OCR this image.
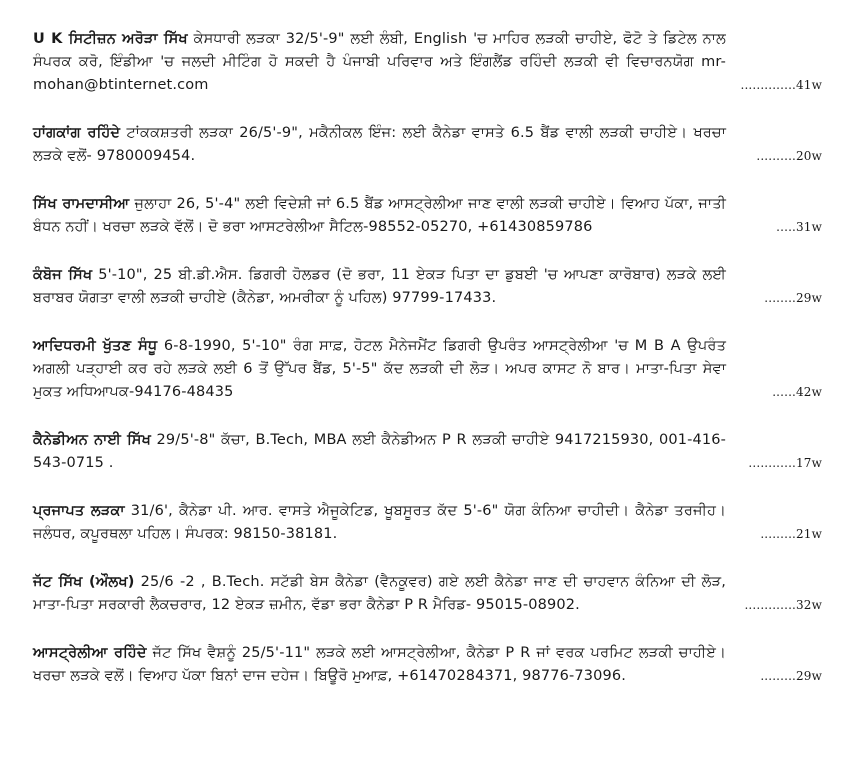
U K ਸਿਟੀਜ਼ਨ ਅਰੋੜਾ ਸਿੱਖ ਕੇਸਧਾਰੀ ਲੜਕਾ 32/5'-9" ਲਈ ਲੰਬੀ, English 'ਚ ਮਾਹਿਰ ਲੜਕੀ ਚਾਹੀਏ, ਫੋਟੋ ਤੇ ਡਿਟੇਲ ਨਾਲ ਸੰਪਰਕ ਕਰੋ, ਇੰਡੀਆ 'ਚ ਜਲਦੀ ਮੀਟਿੰਗ ਹੋ ਸਕਦੀ ਹੈ ਪੰਜਾਬੀ ਪਰਿਵਾਰ ਅਤੇ ਇੰਗਲੈਂਡ ਰਹਿੰਦੀ ਲੜਕੀ ਵੀ ਵਿਚਾਰਨਯੋਗ mr-mohan@btinternet.com	..............41w
ਹਾਂਗਕਾਂਗ ਰਹਿੰਦੇ ਟਾਂਕਕਸ਼ਤਰੀ ਲੜਕਾ 26/5'-9", ਮਕੈਨੀਕਲ ਇੰਜ: ਲਈ ਕੈਨੇਡਾ ਵਾਸਤੇ 6.5 ਬੈਂਡ ਵਾਲੀ ਲੜਕੀ ਚਾਹੀਏ। ਖਰਚਾ ਲੜਕੇ ਵਲੋਂ- 9780009454.	..........20w
ਸਿੱਖ ਰਾਮਦਾਸੀਆ ਜੁਲਾਹਾ 26, 5'-4" ਲਈ ਵਿਦੇਸ਼ੀ ਜਾਂ 6.5 ਬੈਂਡ ਆਸਟ੍ਰੇਲੀਆ ਜਾਣ ਵਾਲੀ ਲੜਕੀ ਚਾਹੀਏ। ਵਿਆਹ ਪੱਕਾ, ਜਾਤੀ ਬੰਧਨ ਨਹੀਂ। ਖਰਚਾ ਲੜਕੇ ਵੱਲੋਂ। ਦੋ ਭਰਾ ਆਸਟਰੇਲੀਆ ਸੈਟਿਲ-98552-05270, +61430859786	.....31w
ਕੰਬੋਜ ਸਿੱਖ 5'-10", 25 ਬੀ.ਡੀ.ਐਸ. ਡਿਗਰੀ ਹੋਲਡਰ (ਦੋ ਭਰਾ, 11 ਏਕੜ ਪਿਤਾ ਦਾ ਡੁਬਈ 'ਚ ਆਪਣਾ ਕਾਰੋਬਾਰ) ਲੜਕੇ ਲਈ ਬਰਾਬਰ ਯੋਗਤਾ ਵਾਲੀ ਲੜਕੀ ਚਾਹੀਏ (ਕੈਨੇਡਾ, ਅਮਰੀਕਾ ਨੂੰ ਪਹਿਲ) 97799-17433.	........29w
ਆਦਿਧਰਮੀ ਖੁੱਤਣ ਸੰਧੂ 6-8-1990, 5'-10" ਰੰਗ ਸਾਫ਼, ਹੋਟਲ ਮੈਨੇਜਮੈਂਟ ਡਿਗਰੀ ਉਪਰੰਤ ਆਸਟ੍ਰੇਲੀਆ 'ਚ M B A ਉਪਰੰਤ ਅਗਲੀ ਪੜ੍ਹਾਈ ਕਰ ਰਹੇ ਲੜਕੇ ਲਈ 6 ਤੋਂ ਉੱਪਰ ਬੈਂਡ, 5'-5" ਕੱਦ ਲੜਕੀ ਦੀ ਲੋੜ। ਅਪਰ ਕਾਸਟ ਨੋ ਬਾਰ। ਮਾਤਾ-ਪਿਤਾ ਸੇਵਾ ਮੁਕਤ ਅਧਿਆਪਕ-94176-48435	......42w
ਕੈਨੇਡੀਅਨ ਨਾਈ ਸਿੱਖ 29/5'-8" ਕੱਚਾ, B.Tech, MBA ਲਈ ਕੈਨੇਡੀਅਨ P R ਲੜਕੀ ਚਾਹੀਏ 9417215930, 001-416-543-0715 .	............17w
ਪ੍ਰਜਾਪਤ ਲੜਕਾ 31/6', ਕੈਨੇਡਾ ਪੀ. ਆਰ. ਵਾਸਤੇ ਐਜੂਕੇਟਿਡ, ਖੂਬਸੂਰਤ ਕੱਦ 5'-6" ਯੋਗ ਕੰਨਿਆ ਚਾਹੀਦੀ। ਕੈਨੇਡਾ ਤਰਜੀਹ। ਜਲੰਧਰ, ਕਪੂਰਥਲਾ ਪਹਿਲ। ਸੰਪਰਕ: 98150-38181.	.........21w
ਜੱਟ ਸਿੱਖ (ਔਲਖ) 25/6 -2 , B.Tech. ਸਟੱਡੀ ਬੇਸ ਕੈਨੇਡਾ (ਵੈਨਕੂਵਰ) ਗਏ ਲਈ ਕੈਨੇਡਾ ਜਾਣ ਦੀ ਚਾਹਵਾਨ ਕੰਨਿਆ ਦੀ ਲੋੜ, ਮਾਤਾ-ਪਿਤਾ ਸਰਕਾਰੀ ਲੈਕਚਰਾਰ, 12 ਏਕੜ ਜ਼ਮੀਨ, ਵੱਡਾ ਭਰਾ ਕੈਨੇਡਾ P R ਮੈਰਿਡ- 95015-08902.	.............32w
ਆਸਟ੍ਰੇਲੀਆ ਰਹਿੰਦੇ ਜੱਟ ਸਿੱਖ ਵੈਸ਼ਨੂੰ 25/5'-11" ਲੜਕੇ ਲਈ ਆਸਟ੍ਰੇਲੀਆ, ਕੈਨੇਡਾ P R ਜਾਂ ਵਰਕ ਪਰਮਿਟ ਲੜਕੀ ਚਾਹੀਏ। ਖਰਚਾ ਲੜਕੇ ਵਲੋਂ। ਵਿਆਹ ਪੱਕਾ ਬਿਨਾਂ ਦਾਜ ਦਹੇਜ। ਬਿਊਰੋ ਮੁਆਫ਼, +61470284371, 98776-73096.	.........29w
